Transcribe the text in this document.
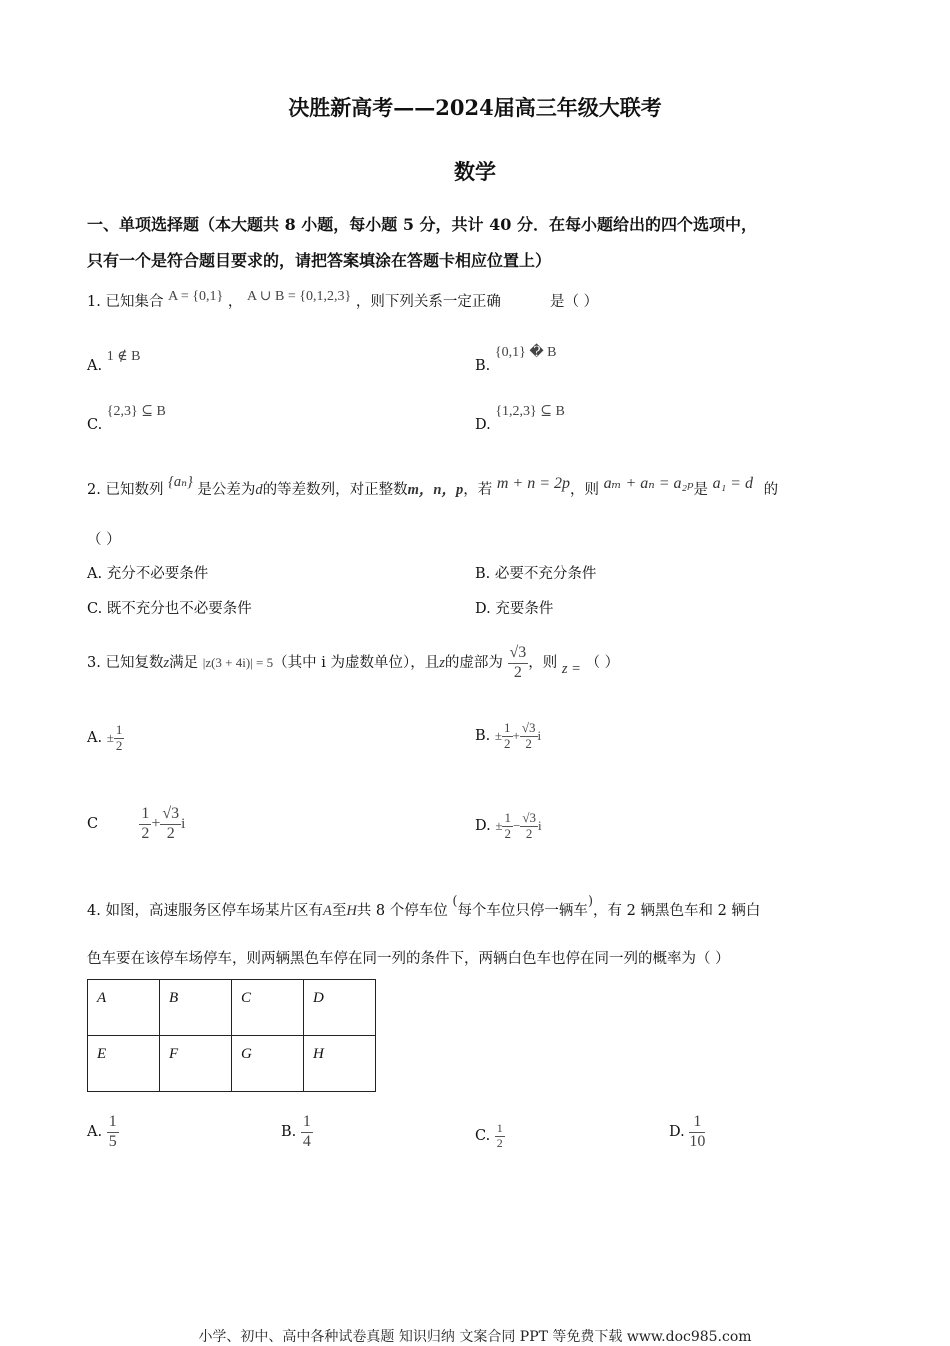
决胜新高考——2024届高三年级大联考
数学
一、单项选择题（本大题共 8 小题，每小题 5 分，共计 40 分．在每小题给出的四个选项中，
只有一个是符合题目要求的，请把答案填涂在答题卡相应位置上）
1. 已知集合 A = {0,1} ， A ∪ B = {0,1,2,3} ，则下列关系一定正确	是（ ）
A. 1 ∉ B
B. {0,1} � B
C. {2,3} ⊆ B
D. {1,2,3} ⊆ B
2. 已知数列 {aₙ} 是公差为d的等差数列，对正整数m，n，p，若 m + n = 2p，则 aₘ + aₙ = a₂ₚ是 a₁ = d 的
（ ）
A. 充分不必要条件	B. 必要不充分条件
C. 既不充分也不必要条件	D. 充要条件
3. 已知复数z满足 |z(3 + 4i)| = 5（其中 i 为虚数单位），且z的虚部为 $\frac{√3}{2}$ ，则 z = （ ）
A. ± $\frac{1}{2}$	B. ± $\frac{1}{2} + \frac{√3}{2}$ i
C	$\frac{1}{2} + \frac{√3}{2}$ i	D. ± $\frac{1}{2} - \frac{√3}{2}$ i
4. 如图，高速服务区停车场某片区有A至H共 8 个停车位 (每个车位只停一辆车)，有 2 辆黑色车和 2 辆白
色车要在该停车场停车，则两辆黑色车停在同一列的条件下，两辆白色车也停在同一列的概率为（ ）
A	B	C	D
E	F	G	H
A. $\frac{1}{5}$	B. $\frac{1}{4}$	C. $\frac{1}{2}$	D. $\frac{1}{10}$
小学、初中、高中各种试卷真题 知识归纳 文案合同 PPT 等免费下载 www.doc985.com
